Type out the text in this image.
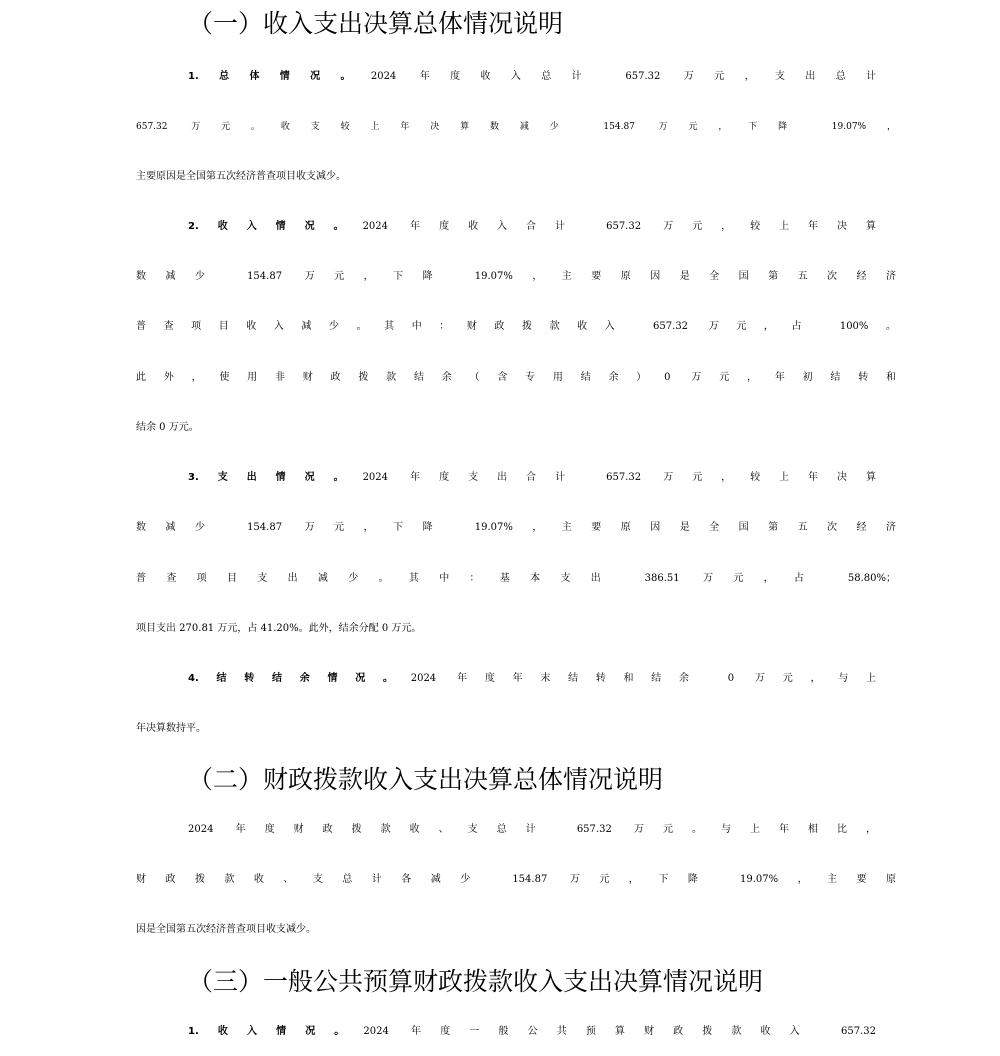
（一）收入支出决算总体情况说明
1.总体情况。2024 年度收入总计 657.32 万元，支出总计
657.32 万元。收支较上年决算数减少 154.87 万元，下降 19.07%，
主要原因是全国第五次经济普查项目收支减少。
2.收入情况。2024 年度收入合计 657.32 万元，较上年决算
数减少 154.87 万元，下降 19.07%，主要原因是全国第五次经济
普查项目收入减少。其中：财政拨款收入 657.32 万元，占 100%。
此外，使用非财政拨款结余（含专用结余）0 万元，年初结转和
结余 0 万元。
3.支出情况。2024 年度支出合计 657.32 万元，较上年决算
数减少 154.87 万元，下降 19.07%，主要原因是全国第五次经济
普查项目支出减少。其中：基本支出 386.51 万元，占 58.80%；
项目支出 270.81 万元，占 41.20%。此外，结余分配 0 万元。
4.结转结余情况。2024 年度年末结转和结余 0 万元，与上
年决算数持平。
（二）财政拨款收入支出决算总体情况说明
2024 年度财政拨款收、支总计 657.32 万元。与上年相比，
财政拨款收、支总计各减少 154.87 万元，下降 19.07%，主要原
因是全国第五次经济普查项目收支减少。
（三）一般公共预算财政拨款收入支出决算情况说明
1.收入情况。2024 年度一般公共预算财政拨款收入 657.32
